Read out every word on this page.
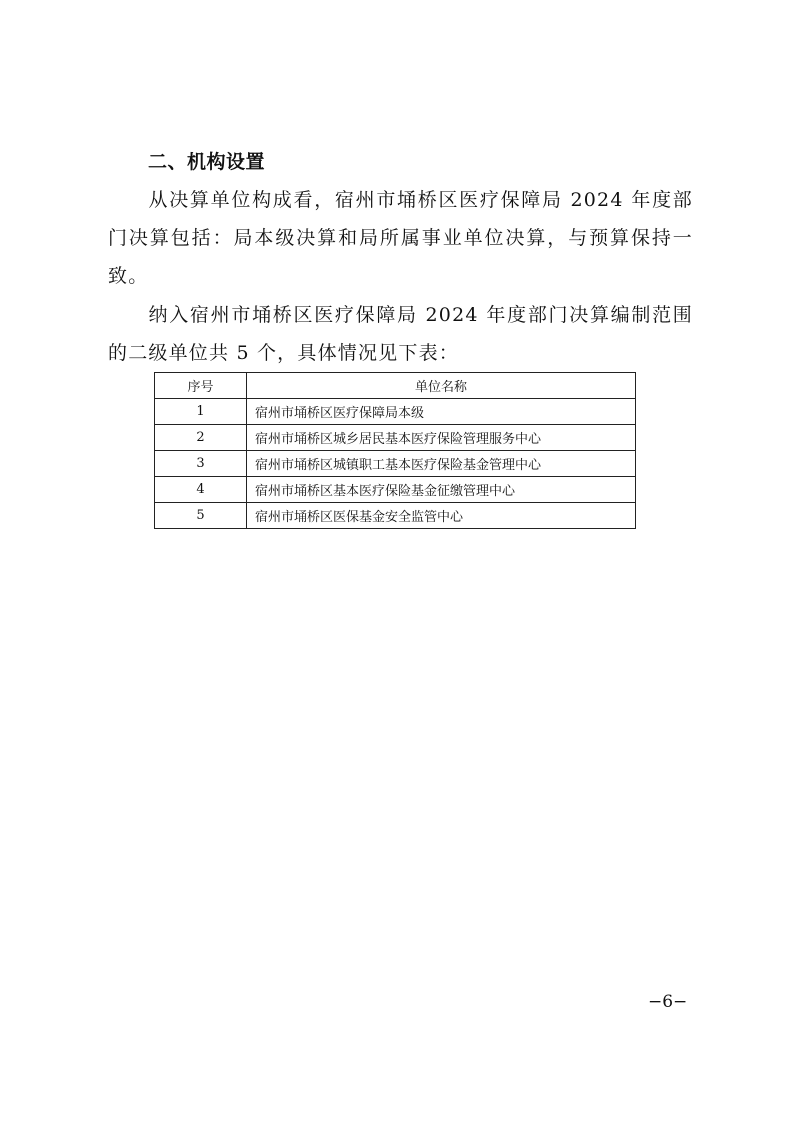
二、机构设置
从决算单位构成看，宿州市埇桥区医疗保障局 2024 年度部门决算包括：局本级决算和局所属事业单位决算，与预算保持一致。
纳入宿州市埇桥区医疗保障局 2024 年度部门决算编制范围的二级单位共 5 个，具体情况见下表：
序号	单位名称
1	宿州市埇桥区医疗保障局本级
2	宿州市埇桥区城乡居民基本医疗保险管理服务中心
3	宿州市埇桥区城镇职工基本医疗保险基金管理中心
4	宿州市埇桥区基本医疗保险基金征缴管理中心
5	宿州市埇桥区医保基金安全监管中心
−6−
